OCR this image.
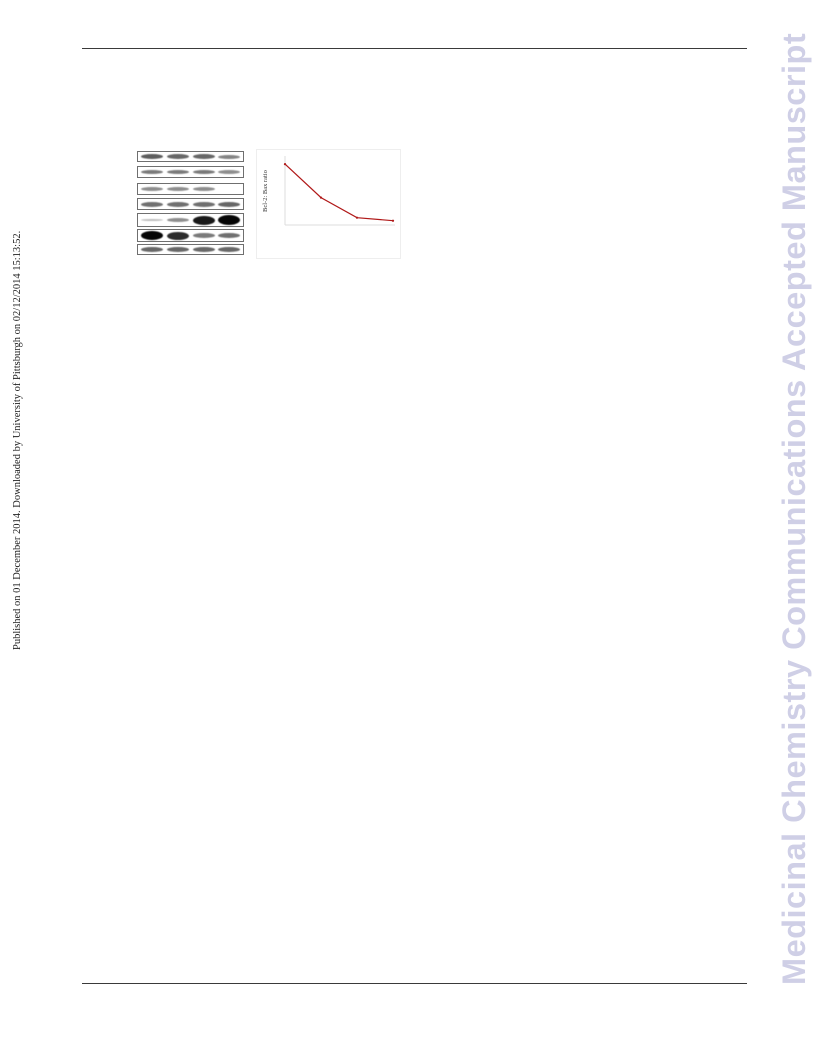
Published on 01 December 2014. Downloaded by University of Pittsburgh on 02/12/2014 15:13:52.	Medicinal Chemistry Communications Accepted Manuscript
Bcl-2: Bax ratio
